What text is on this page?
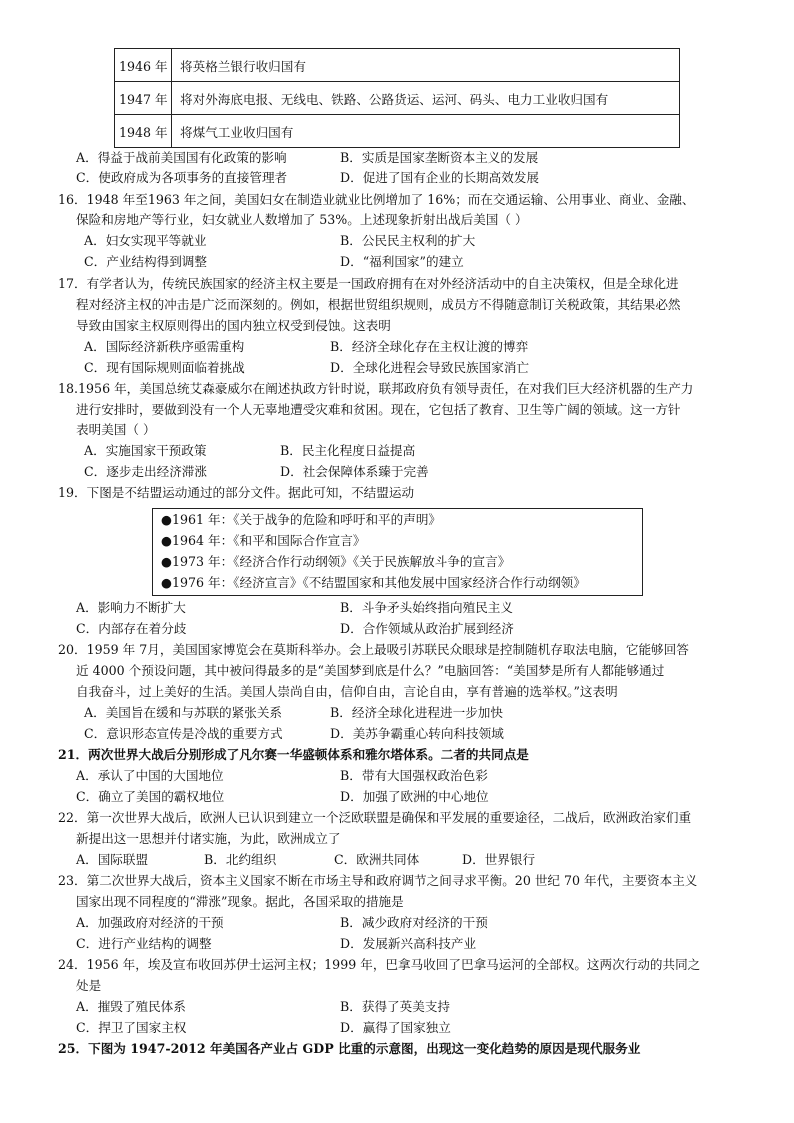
1946 年	将英格兰银行收归国有
1947 年	将对外海底电报、无线电、铁路、公路货运、运河、码头、电力工业收归国有
1948 年	将煤气工业收归国有
A．得益于战前美国国有化政策的影响	B．实质是国家垄断资本主义的发展
C．使政府成为各项事务的直接管理者	D．促进了国有企业的长期高效发展
16．1948 年至1963 年之间，美国妇女在制造业就业比例增加了 16%；而在交通运输、公用事业、商业、金融、
保险和房地产等行业，妇女就业人数增加了 53%。上述现象折射出战后美国（ ）
A．妇女实现平等就业	B．公民民主权利的扩大
C．产业结构得到调整	D．“福利国家”的建立
17．有学者认为，传统民族国家的经济主权主要是一国政府拥有在对外经济活动中的自主决策权，但是全球化进
程对经济主权的冲击是广泛而深刻的。例如，根据世贸组织规则，成员方不得随意制订关税政策，其结果必然
导致由国家主权原则得出的国内独立权受到侵蚀。这表明
A．国际经济新秩序亟需重构	B．经济全球化存在主权让渡的博弈
C．现有国际规则面临着挑战	D．全球化进程会导致民族国家消亡
18.1956 年，美国总统艾森豪威尔在阐述执政方针时说，联邦政府负有领导责任，在对我们巨大经济机器的生产力
进行安排时，要做到没有一个人无辜地遭受灾难和贫困。现在，它包括了教育、卫生等广阔的领域。这一方针
表明美国（ ）
A．实施国家干预政策	B．民主化程度日益提高
C．逐步走出经济滞涨	D．社会保障体系臻于完善
19．下图是不结盟运动通过的部分文件。据此可知，不结盟运动
●1961 年：《关于战争的危险和呼吁和平的声明》
●1964 年：《和平和国际合作宣言》
●1973 年：《经济合作行动纲领》《关于民族解放斗争的宣言》
●1976 年：《经济宣言》《不结盟国家和其他发展中国家经济合作行动纲领》
A．影响力不断扩大	B．斗争矛头始终指向殖民主义
C．内部存在着分歧	D．合作领域从政治扩展到经济
20．1959 年 7月，美国国家博览会在莫斯科举办。会上最吸引苏联民众眼球是控制随机存取法电脑，它能够回答
近 4000 个预设问题，其中被问得最多的是“美国梦到底是什么？”电脑回答：“美国梦是所有人都能够通过
自我奋斗，过上美好的生活。美国人崇尚自由，信仰自由，言论自由，享有普遍的选举权。”这表明
A．美国旨在缓和与苏联的紧张关系	B．经济全球化进程进一步加快
C．意识形态宣传是冷战的重要方式	D．美苏争霸重心转向科技领域
21．两次世界大战后分别形成了凡尔赛一华盛顿体系和雅尔塔体系。二者的共同点是
A．承认了中国的大国地位	B．带有大国强权政治色彩
C．确立了美国的霸权地位	D．加强了欧洲的中心地位
22．第一次世界大战后，欧洲人已认识到建立一个泛欧联盟是确保和平发展的重要途径，二战后，欧洲政治家们重
新提出这一思想并付诸实施，为此，欧洲成立了
A．国际联盟	B．北约组织	C．欧洲共同体	D．世界银行
23．第二次世界大战后，资本主义国家不断在市场主导和政府调节之间寻求平衡。20 世纪 70 年代，主要资本主义
国家出现不同程度的“滞涨”现象。据此，各国采取的措施是
A．加强政府对经济的干预	B．减少政府对经济的干预
C．进行产业结构的调整	D．发展新兴高科技产业
24．1956 年，埃及宣布收回苏伊士运河主权；1999 年，巴拿马收回了巴拿马运河的全部权。这两次行动的共同之
处是
A．摧毁了殖民体系	B．获得了英美支持
C．捍卫了国家主权	D．赢得了国家独立
25．下图为 1947-2012 年美国各产业占 GDP 比重的示意图，出现这一变化趋势的原因是现代服务业
